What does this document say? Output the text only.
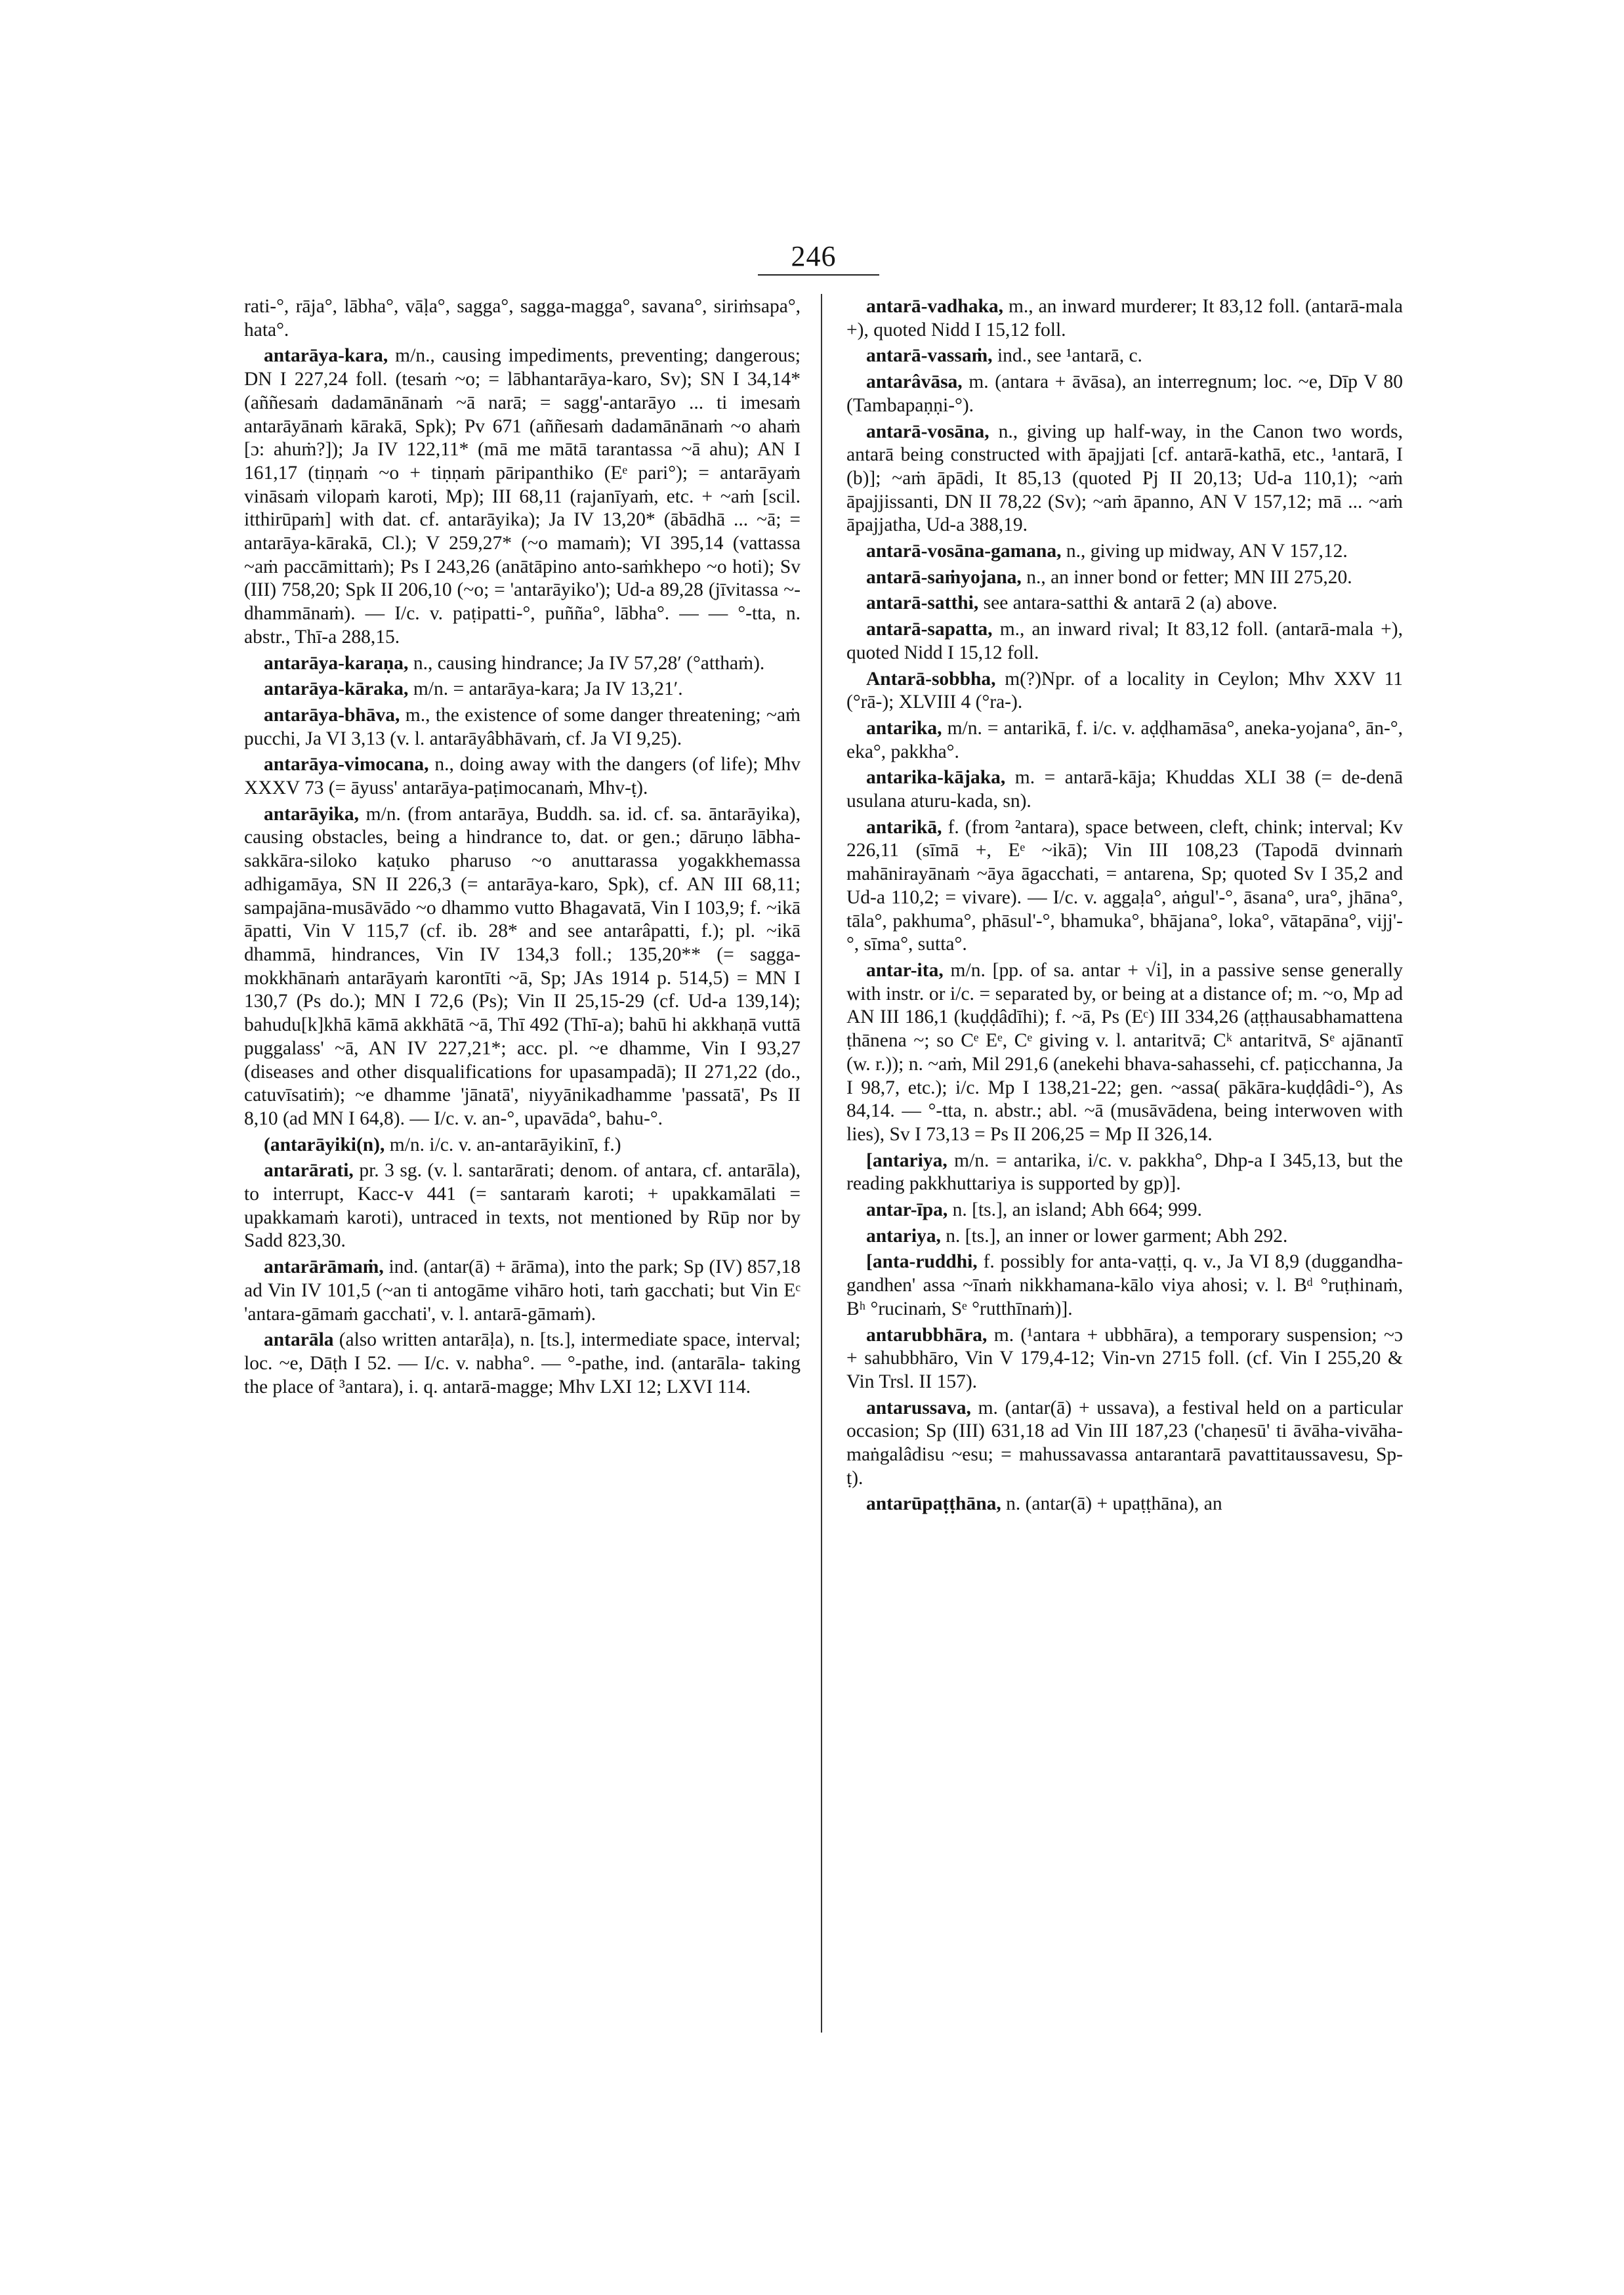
246

rati-°, rāja°, lābha°, vāḷa°, sagga°, sagga-magga°, savana°, siriṁsapa°, hata°.

antarāya-kara, m/n., causing impediments, preventing; dangerous; DN I 227,24 foll. (tesaṁ ~o; = lābhantarāya-karo, Sv); SN I 34,14* (aññesaṁ dadamānānaṁ ~ā narā; = sagg'-antarāyo ... ti imesaṁ antarāyānaṁ kārakā, Spk); Pv 671 (aññesaṁ dadamānānaṁ ~o ahaṁ [ɔ: ahuṁ?]); Ja IV 122,11* (mā me mātā tarantassa ~ā ahu); AN I 161,17 (tiṇṇaṁ ~o + tiṇṇaṁ pāripanthiko (Eᵉ pari°); = antarāyaṁ vināsaṁ vilopaṁ karoti, Mp); III 68,11 (rajanīyaṁ, etc. + ~aṁ [scil. itthirūpaṁ] with dat. cf. antarāyika); Ja IV 13,20* (ābādhā ... ~ā; = antarāya-kārakā, Cl.); V 259,27* (~o mamaṁ); VI 395,14 (vattassa ~aṁ paccāmittaṁ); Ps I 243,26 (anātāpino anto-saṁkhepo ~o hoti); Sv (III) 758,20; Spk II 206,10 (~o; = 'antarāyiko'); Ud-a 89,28 (jīvitassa ~-dhammānaṁ). — I/c. v. paṭipatti-°, puñña°, lābha°. — — °-tta, n. abstr., Thī-a 288,15.

antarāya-karaṇa, n., causing hindrance; Ja IV 57,28′ (°atthaṁ).

antarāya-kāraka, m/n. = antarāya-kara; Ja IV 13,21′.

antarāya-bhāva, m., the existence of some danger threatening; ~aṁ pucchi, Ja VI 3,13 (v. l. antarāyâbhāvaṁ, cf. Ja VI 9,25).

antarāya-vimocana, n., doing away with the dangers (of life); Mhv XXXV 73 (= āyuss' antarāya-paṭimocanaṁ, Mhv-ṭ).

antarāyika, m/n. (from antarāya, Buddh. sa. id. cf. sa. āntarāyika), causing obstacles, being a hindrance to, dat. or gen.; dāruṇo lābha-sakkāra-siloko kaṭuko pharuso ~o anuttarassa yogakkhemassa adhigamāya, SN II 226,3 (= antarāya-karo, Spk), cf. AN III 68,11; sampajāna-musāvādo ~o dhammo vutto Bhagavatā, Vin I 103,9; f. ~ikā āpatti, Vin V 115,7 (cf. ib. 28* and see antarâpatti, f.); pl. ~ikā dhammā, hindrances, Vin IV 134,3 foll.; 135,20** (= sagga-mokkhānaṁ antarāyaṁ karontīti ~ā, Sp; JAs 1914 p. 514,5) = MN I 130,7 (Ps do.); MN I 72,6 (Ps); Vin II 25,15-29 (cf. Ud-a 139,14); bahudu[k]khā kāmā akkhātā ~ā, Thī 492 (Thī-a); bahū hi akkhaṇā vuttā puggalass' ~ā, AN IV 227,21*; acc. pl. ~e dhamme, Vin I 93,27 (diseases and other disqualifications for upasampadā); II 271,22 (do., catuvīsatiṁ); ~e dhamme 'jānatā', niyyānikadhamme 'passatā', Ps II 8,10 (ad MN I 64,8). — I/c. v. an-°, upavāda°, bahu-°.

(antarāyiki(n), m/n. i/c. v. an-antarāyikinī, f.)

antarārati, pr. 3 sg. (v. l. santarārati; denom. of antara, cf. antarāla), to interrupt, Kacc-v 441 (= santaraṁ karoti; + upakkamālati = upakkamaṁ karoti), untraced in texts, not mentioned by Rūp nor by Sadd 823,30.

antarārāmaṁ, ind. (antar(ā) + ārāma), into the park; Sp (IV) 857,18 ad Vin IV 101,5 (~an ti antogāme vihāro hoti, taṁ gacchati; but Vin Eᶜ 'antara-gāmaṁ gacchati', v. l. antarā-gāmaṁ).

antarāla (also written antarāḷa), n. [ts.], intermediate space, interval; loc. ~e, Dāṭh I 52. — I/c. v. nabha°. — °-pathe, ind. (antarāla- taking the place of ³antara), i. q. antarā-magge; Mhv LXI 12; LXVI 114.

antarā-vadhaka, m., an inward murderer; It 83,12 foll. (antarā-mala +), quoted Nidd I 15,12 foll.

antarā-vassaṁ, ind., see ¹antarā, c.

antarâvāsa, m. (antara + āvāsa), an interregnum; loc. ~e, Dīp V 80 (Tambapaṇṇi-°).

antarā-vosāna, n., giving up half-way, in the Canon two words, antarā being constructed with āpajjati [cf. antarā-kathā, etc., ¹antarā, I (b)]; ~aṁ āpādi, It 85,13 (quoted Pj II 20,13; Ud-a 110,1); ~aṁ āpajjissanti, DN II 78,22 (Sv); ~aṁ āpanno, AN V 157,12; mā ... ~aṁ āpajjatha, Ud-a 388,19.

antarā-vosāna-gamana, n., giving up midway, AN V 157,12.

antarā-saṁyojana, n., an inner bond or fetter; MN III 275,20.

antarā-satthi, see antara-satthi & antarā 2 (a) above.

antarā-sapatta, m., an inward rival; It 83,12 foll. (antarā-mala +), quoted Nidd I 15,12 foll.

Antarā-sobbha, m(?)Npr. of a locality in Ceylon; Mhv XXV 11 (°rā-); XLVIII 4 (°ra-).

antarika, m/n. = antarikā, f. i/c. v. aḍḍhamāsa°, aneka-yojana°, ān-°, eka°, pakkha°.

antarika-kājaka, m. = antarā-kāja; Khuddas XLI 38 (= de-denā usulana aturu-kada, sn).

antarikā, f. (from ²antara), space between, cleft, chink; interval; Kv 226,11 (sīmā +, Eᵉ ~ikā); Vin III 108,23 (Tapodā dvinnaṁ mahānirayānaṁ ~āya āgacchati, = antarena, Sp; quoted Sv I 35,2 and Ud-a 110,2; = vivare). — I/c. v. aggaḷa°, aṅgul'-°, āsana°, ura°, jhāna°, tāla°, pakhuma°, phāsul'-°, bhamuka°, bhājana°, loka°, vātapāna°, vijj'-°, sīma°, sutta°.

antar-ita, m/n. [pp. of sa. antar + √i], in a passive sense generally with instr. or i/c. = separated by, or being at a distance of; m. ~o, Mp ad AN III 186,1 (kuḍḍâdīhi); f. ~ā, Ps (Eᶜ) III 334,26 (aṭṭhausabhamattena ṭhānena ~; so Cᵉ Eᵉ, Cᵉ giving v. l. antaritvā; Cᵏ antaritvā, Sᵉ ajānantī (w. r.)); n. ~aṁ, Mil 291,6 (anekehi bhava-sahassehi, cf. paṭicchanna, Ja I 98,7, etc.); i/c. Mp I 138,21-22; gen. ~assa( pākāra-kuḍḍâdi-°), As 84,14. — °-tta, n. abstr.; abl. ~ā (musāvādena, being interwoven with lies), Sv I 73,13 = Ps II 206,25 = Mp II 326,14.

[antariya, m/n. = antarika, i/c. v. pakkha°, Dhp-a I 345,13, but the reading pakkhuttariya is supported by gp)].

antar-īpa, n. [ts.], an island; Abh 664; 999.

antariya, n. [ts.], an inner or lower garment; Abh 292.

[anta-ruddhi, f. possibly for anta-vaṭṭi, q. v., Ja VI 8,9 (duggandha-gandhen' assa ~īnaṁ nikkhamana-kālo viya ahosi; v. l. Bᵈ °ruṭhinaṁ, Bʰ °rucinaṁ, Sᵉ °rutthīnaṁ)].

antarubbhāra, m. (¹antara + ubbhāra), a temporary suspension; ~ɔ + sahubbhāro, Vin V 179,4-12; Vin-vn 2715 foll. (cf. Vin I 255,20 & Vin Trsl. II 157).

antarussava, m. (antar(ā) + ussava), a festival held on a particular occasion; Sp (III) 631,18 ad Vin III 187,23 ('chaṇesū' ti āvāha-vivāha-maṅgalâdisu ~esu; = mahussavassa antarantarā pavattitaussavesu, Sp-ṭ).

antarūpaṭṭhāna, n. (antar(ā) + upaṭṭhāna), an
